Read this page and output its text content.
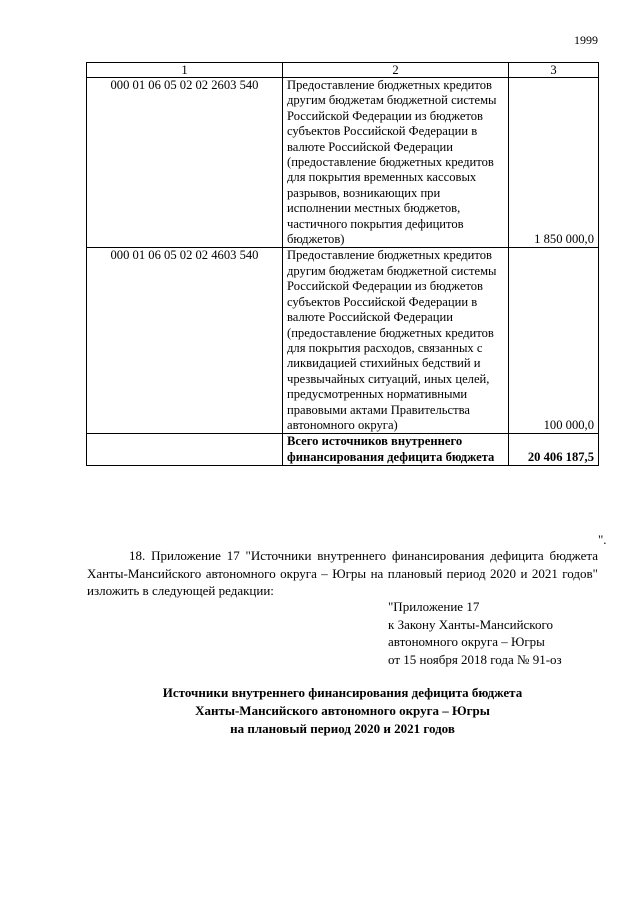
1999
1	2	3
000 01 06 05 02 02 2603 540	Предоставление бюджетных кредитов другим бюджетам бюджетной системы Российской Федерации из бюджетов субъектов Российской Федерации в валюте Российской Федерации (предоставление бюджетных кредитов для покрытия временных кассовых разрывов, возникающих при исполнении местных бюджетов, частичного покрытия дефицитов бюджетов)	1 850 000,0
000 01 06 05 02 02 4603 540	Предоставление бюджетных кредитов другим бюджетам бюджетной системы Российской Федерации из бюджетов субъектов Российской Федерации в валюте Российской Федерации (предоставление бюджетных кредитов для покрытия расходов, связанных с ликвидацией стихийных бедствий и чрезвычайных ситуаций, иных целей, предусмотренных нормативными правовыми актами Правительства автономного округа)	100 000,0
	Всего источников внутреннего финансирования дефицита бюджета	20 406 187,5
".
18. Приложение 17 "Источники внутреннего финансирования дефицита бюджета Ханты-Мансийского автономного округа – Югры на плановый период 2020 и 2021 годов" изложить в следующей редакции:
"Приложение 17
к Закону Ханты-Мансийского
автономного округа – Югры
от 15 ноября 2018 года № 91-оз
Источники внутреннего финансирования дефицита бюджета
Ханты-Мансийского автономного округа – Югры
на плановый период 2020 и 2021 годов
